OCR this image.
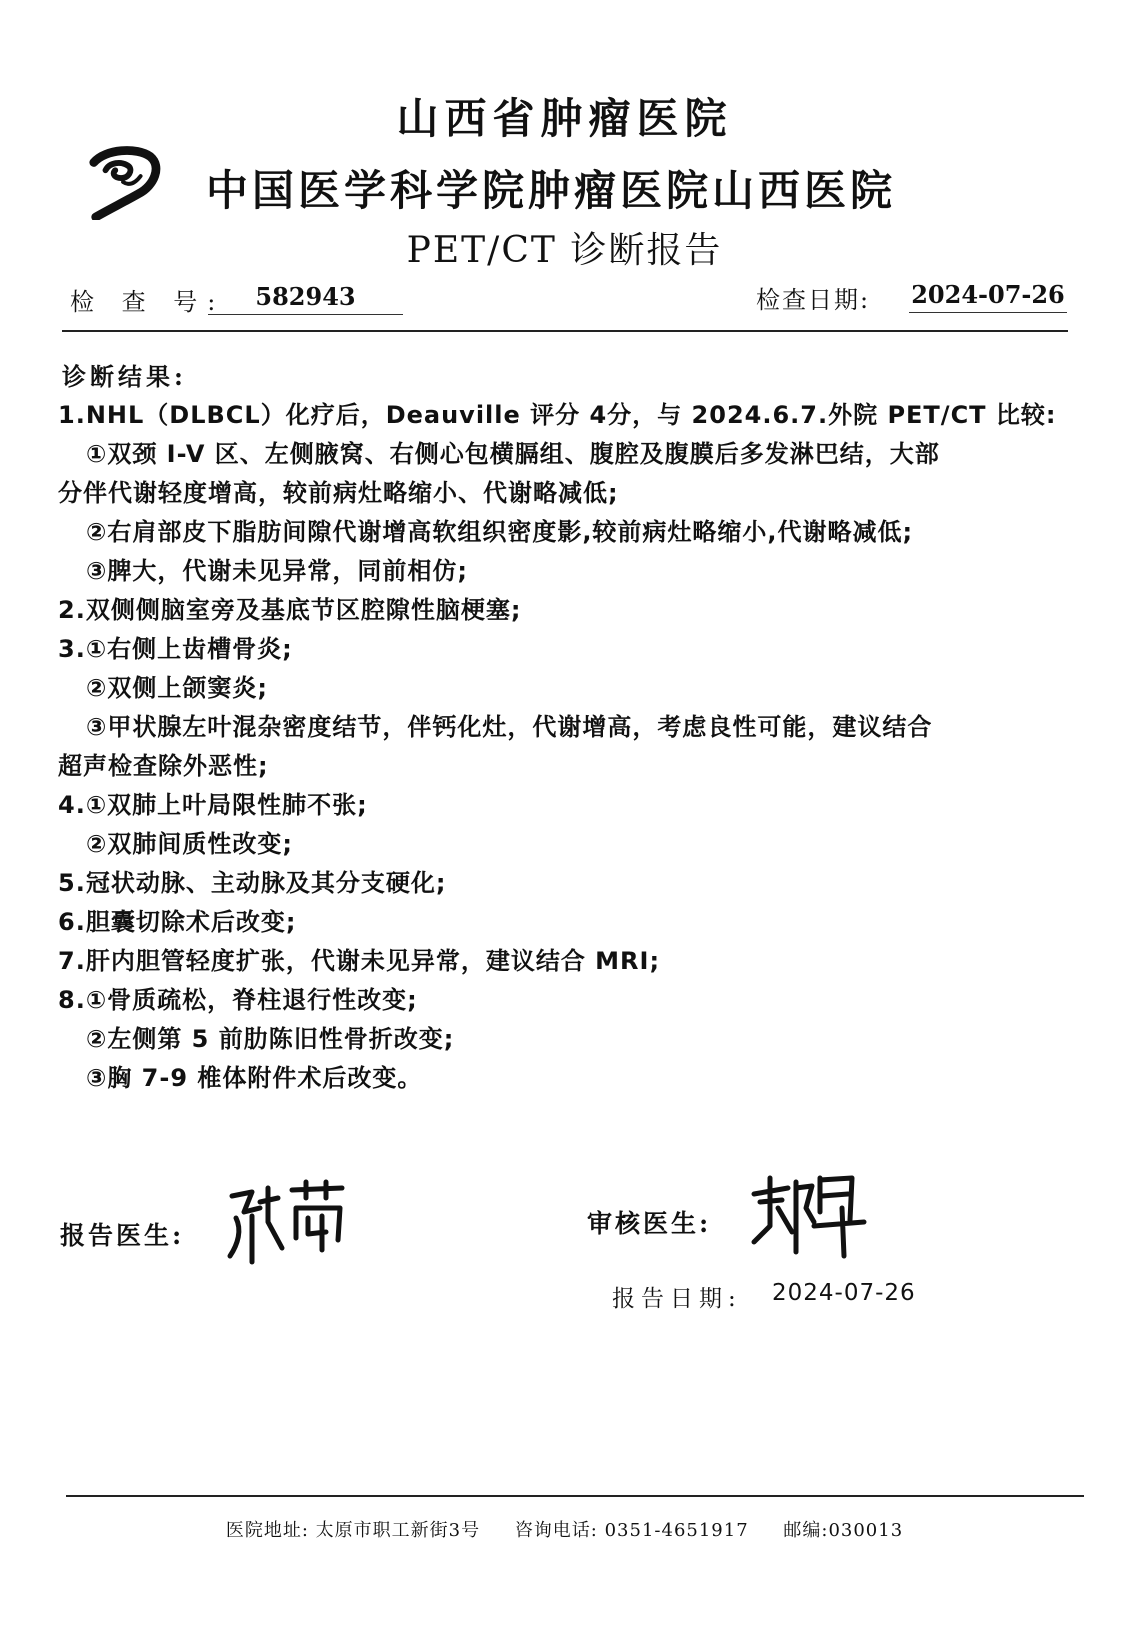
山西省肿瘤医院
中国医学科学院肿瘤医院山西医院
PET/CT 诊断报告
检 查 号:	582943	检查日期: 2024-07-26
诊断结果:
1.NHL（DLBCL）化疗后，Deauville 评分 4分，与 2024.6.7.外院 PET/CT 比较:
①双颈 I-V 区、左侧腋窝、右侧心包横膈组、腹腔及腹膜后多发淋巴结，大部
分伴代谢轻度增高，较前病灶略缩小、代谢略减低;
②右肩部皮下脂肪间隙代谢增高软组织密度影,较前病灶略缩小,代谢略减低;
③脾大，代谢未见异常，同前相仿;
2.双侧侧脑室旁及基底节区腔隙性脑梗塞;
3.①右侧上齿槽骨炎;
②双侧上颌窦炎;
③甲状腺左叶混杂密度结节，伴钙化灶，代谢增高，考虑良性可能，建议结合
超声检查除外恶性;
4.①双肺上叶局限性肺不张;
②双肺间质性改变;
5.冠状动脉、主动脉及其分支硬化;
6.胆囊切除术后改变;
7.肝内胆管轻度扩张，代谢未见异常，建议结合 MRI;
8.①骨质疏松，脊柱退行性改变;
②左侧第 5 前肋陈旧性骨折改变;
③胸 7-9 椎体附件术后改变。
报告医生:	审核医生:
报告日期: 2024-07-26
医院地址: 太原市职工新街3号 咨询电话: 0351-4651917 邮编:030013
